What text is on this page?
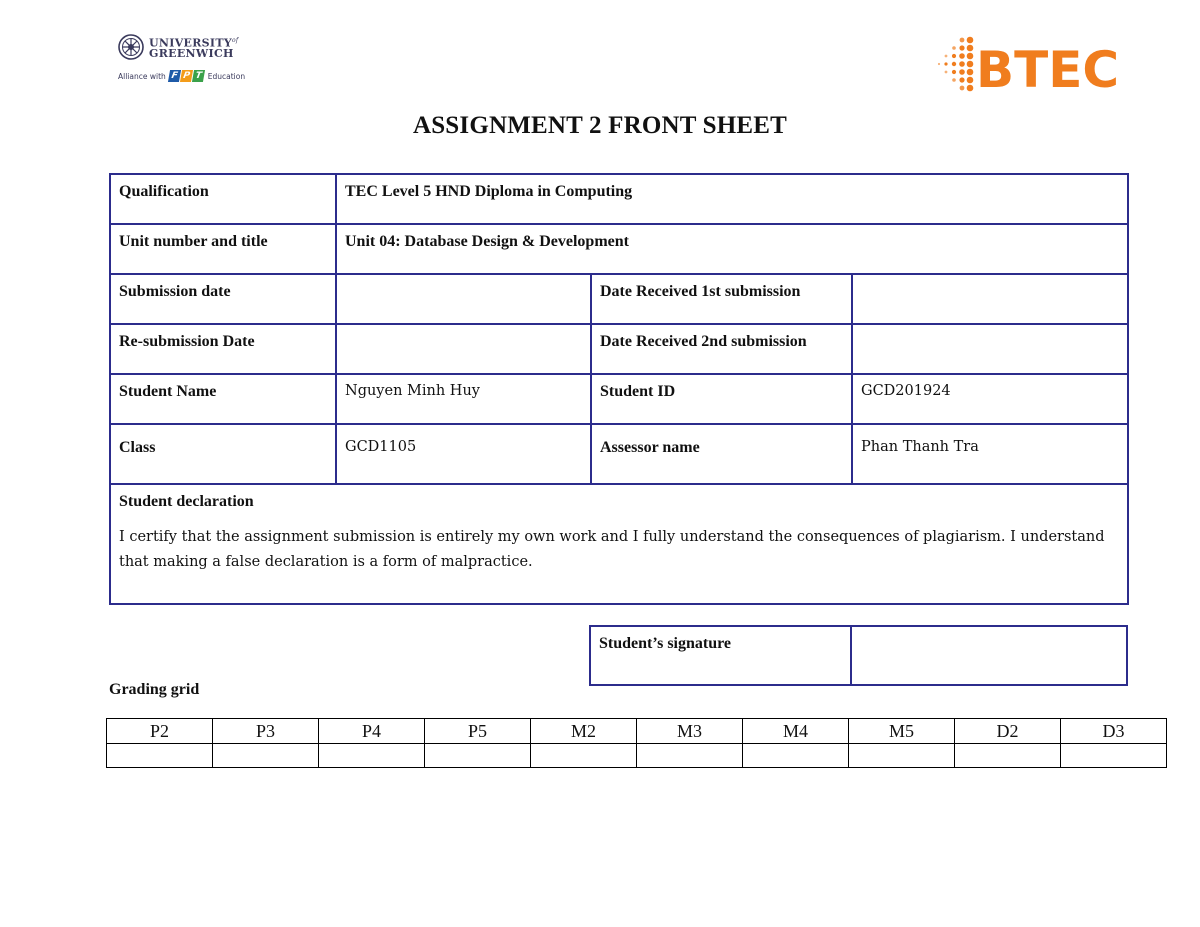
$UNIVERSITY^{of}$
GREENWICH
Alliance with F P T Education	BTEC
ASSIGNMENT 2 FRONT SHEET
Qualification	TEC Level 5 HND Diploma in Computing		
Unit number and title	Unit 04: Database Design & Development		
Submission date		Date Received 1st submission	
Re-submission Date		Date Received 2nd submission	
Student Name	Nguyen Minh Huy	Student ID	GCD201924
Class	GCD1105	Assessor name	Phan Thanh Tra

Student declaration
I certify that the assignment submission is entirely my own work and I fully understand the consequences of plagiarism. I understand that making a false declaration is a form of malpractice.			
Student’s signature	
Grading grid
P2	P3	P4	P5	M2	M3	M4	M5	D2	D3
